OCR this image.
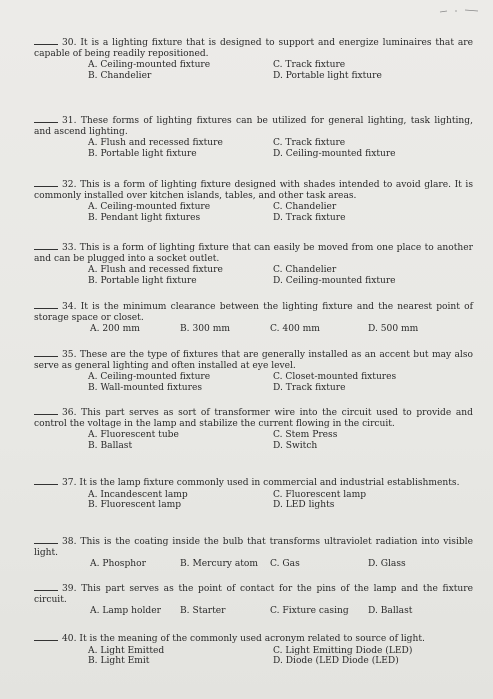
30. It is a lighting fixture that is designed to support and energize luminaires that are capable of being readily repositioned.

A. Ceiling-mounted fixture	C. Track fixture
B. Chandelier	D. Portable light fixture

31. These forms of lighting fixtures can be utilized for general lighting, task lighting, and ascend lighting.

A. Flush and recessed fixture	C. Track fixture
B. Portable light fixture	D. Ceiling-mounted fixture

32. This is a form of lighting fixture designed with shades intended to avoid glare. It is commonly installed over kitchen islands, tables, and other task areas.

A. Ceiling-mounted fixture	C. Chandelier
B. Pendant light fixtures	D. Track fixture

33. This is a form of lighting fixture that can easily be moved from one place to another and can be plugged into a socket outlet.

A. Flush and recessed fixture	C. Chandelier
B. Portable light fixture	D. Ceiling-mounted fixture

34. It is the minimum clearance between the lighting fixture and the nearest point of storage space or closet.

A. 200 mm	B. 300 mm	C. 400 mm	D. 500 mm

35. These are the type of fixtures that are generally installed as an accent but may also serve as general lighting and often installed at eye level.

A. Ceiling-mounted fixture	C. Closet-mounted fixtures
B. Wall-mounted fixtures	D. Track fixture

36. This part serves as sort of transformer wire into the circuit used to provide and control the voltage in the lamp and stabilize the current flowing in the circuit.

A. Fluorescent tube	C. Stem Press
B. Ballast	D. Switch

37. It is the lamp fixture commonly used in commercial and industrial establishments.

A. Incandescent lamp	C. Fluorescent lamp
B. Fluorescent lamp	D. LED lights

38. This is the coating inside the bulb that transforms ultraviolet radiation into visible light.

A. Phosphor	B. Mercury atom	C. Gas	D. Glass

39. This part serves as the point of contact for the pins of the lamp and the fixture circuit.

A. Lamp holder	B. Starter	C. Fixture casing	D. Ballast

40. It is the meaning of the commonly used acronym related to source of light.

A. Light Emitted	C. Light Emitting Diode (LED)
B. Light Emit	D. Diode (LED Diode (LED)
